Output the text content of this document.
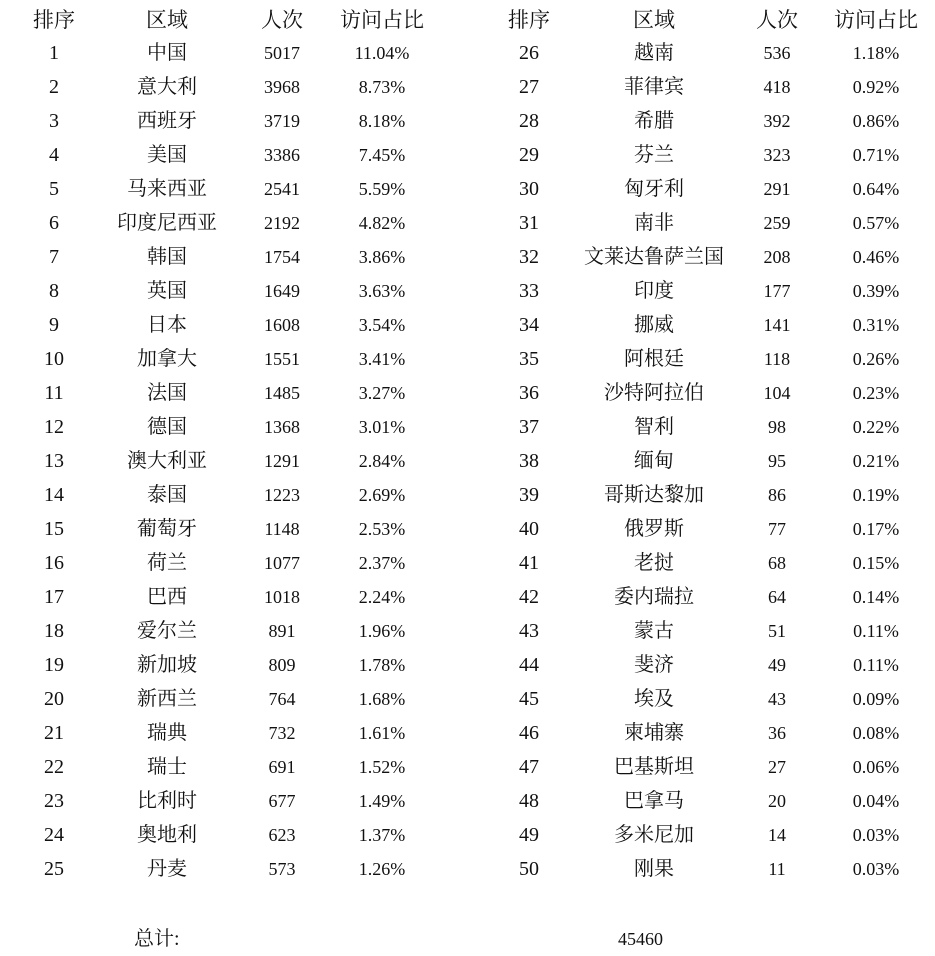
排序	区域	人次	访问占比
1	中国	5017	11.04%
2	意大利	3968	8.73%
3	西班牙	3719	8.18%
4	美国	3386	7.45%
5	马来西亚	2541	5.59%
6	印度尼西亚	2192	4.82%
7	韩国	1754	3.86%
8	英国	1649	3.63%
9	日本	1608	3.54%
10	加拿大	1551	3.41%
11	法国	1485	3.27%
12	德国	1368	3.01%
13	澳大利亚	1291	2.84%
14	泰国	1223	2.69%
15	葡萄牙	1148	2.53%
16	荷兰	1077	2.37%
17	巴西	1018	2.24%
18	爱尔兰	891	1.96%
19	新加坡	809	1.78%
20	新西兰	764	1.68%
21	瑞典	732	1.61%
22	瑞士	691	1.52%
23	比利时	677	1.49%
24	奥地利	623	1.37%
25	丹麦	573	1.26%
排序	区域	人次	访问占比
26	越南	536	1.18%
27	菲律宾	418	0.92%
28	希腊	392	0.86%
29	芬兰	323	0.71%
30	匈牙利	291	0.64%
31	南非	259	0.57%
32	文莱达鲁萨兰国	208	0.46%
33	印度	177	0.39%
34	挪威	141	0.31%
35	阿根廷	118	0.26%
36	沙特阿拉伯	104	0.23%
37	智利	98	0.22%
38	缅甸	95	0.21%
39	哥斯达黎加	86	0.19%
40	俄罗斯	77	0.17%
41	老挝	68	0.15%
42	委内瑞拉	64	0.14%
43	蒙古	51	0.11%
44	斐济	49	0.11%
45	埃及	43	0.09%
46	柬埔寨	36	0.08%
47	巴基斯坦	27	0.06%
48	巴拿马	20	0.04%
49	多米尼加	14	0.03%
50	刚果	11	0.03%
总计:	45460
